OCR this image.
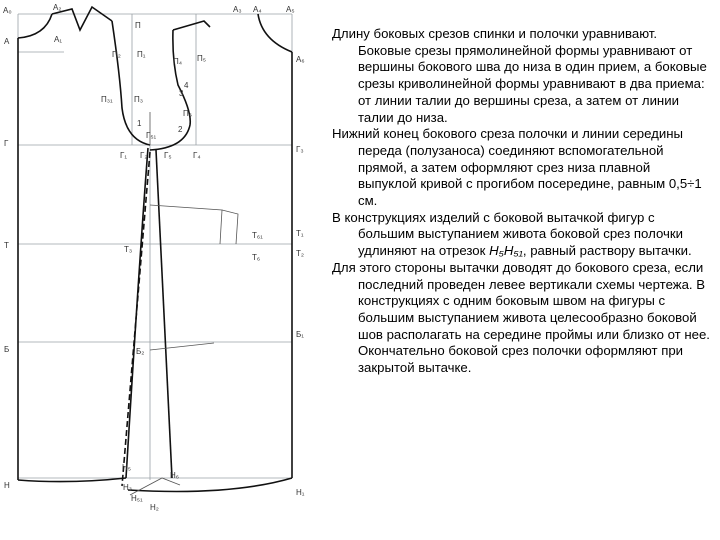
А₀	А₂
А	А₁
А₃ А₄	А₅
А₆
П
П₁
П₂
П₃₁	П₃
П₄ П₅
П₆
4
3
1
2
Г
Г₅₁
Г₁ Г₂ Г₅	Г₄
Г₃
Т
Т₆₁	Т₁
Т₃
Т₆	Т₂
Б	Б₂
Б₁
Н
Н₅
Н₆
Н₃
Н₅₁
Н₂
Н₁

Длину боковых срезов спинки и полочки уравнивают. Боковые срезы прямолинейной формы уравнивают от вершины бокового шва до низа в один прием, а боковые срезы криволинейной формы уравнивают в два приема: от линии талии до вершины среза, а затем от линии талии до низа.

Нижний конец бокового среза полочки и линии середины переда (полузаноса) соединяют вспомогательной прямой, а затем оформляют срез низа плавной выпуклой кривой с прогибом посередине, равным 0,5÷1 см.

В конструкциях изделий с боковой вытачкой фигур с большим выступанием живота боковой срез полочки удлиняют на отрезок Н₅Н₅₁, равный раствору вытачки.

Для этого стороны вытачки доводят до бокового среза, если последний проведен левее вертикали схемы чертежа. В конструкциях с одним боковым швом на фигуры с большим выступанием живота целесообразно боковой шов располагать на середине проймы или близко от нее. Окончательно боковой срез полочки оформляют при закрытой вытачке.
